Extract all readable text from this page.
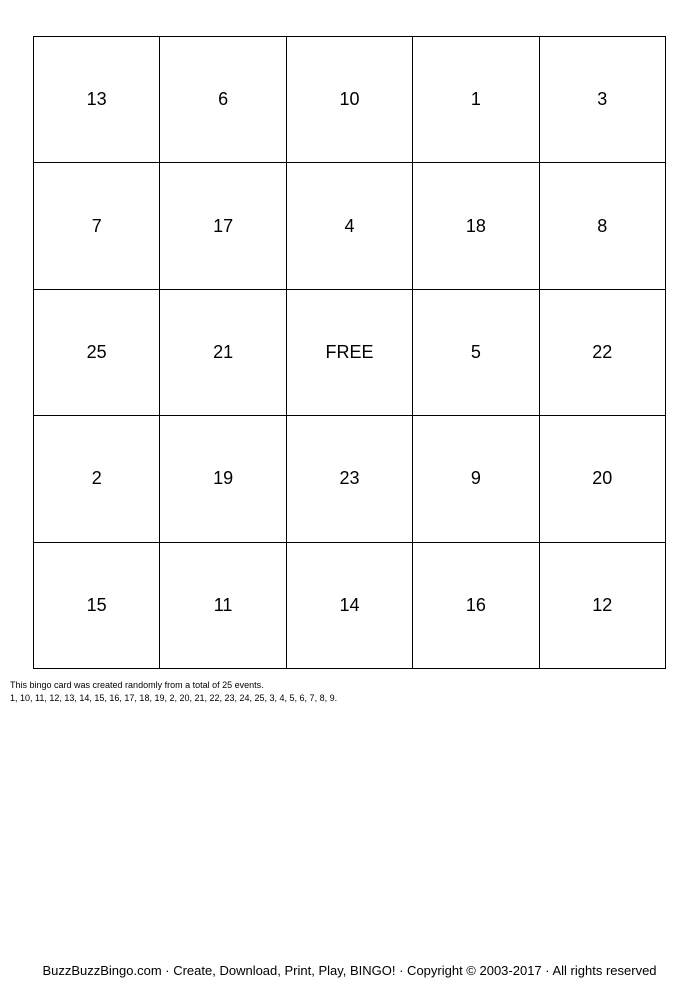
13	6	10	1	3
7	17	4	18	8
25	21	FREE	5	22
2	19	23	9	20
15	11	14	16	12
This bingo card was created randomly from a total of 25 events.
1, 10, 11, 12, 13, 14, 15, 16, 17, 18, 19, 2, 20, 21, 22, 23, 24, 25, 3, 4, 5, 6, 7, 8, 9.
BuzzBuzzBingo.com · Create, Download, Print, Play, BINGO! · Copyright © 2003-2017 · All rights reserved
